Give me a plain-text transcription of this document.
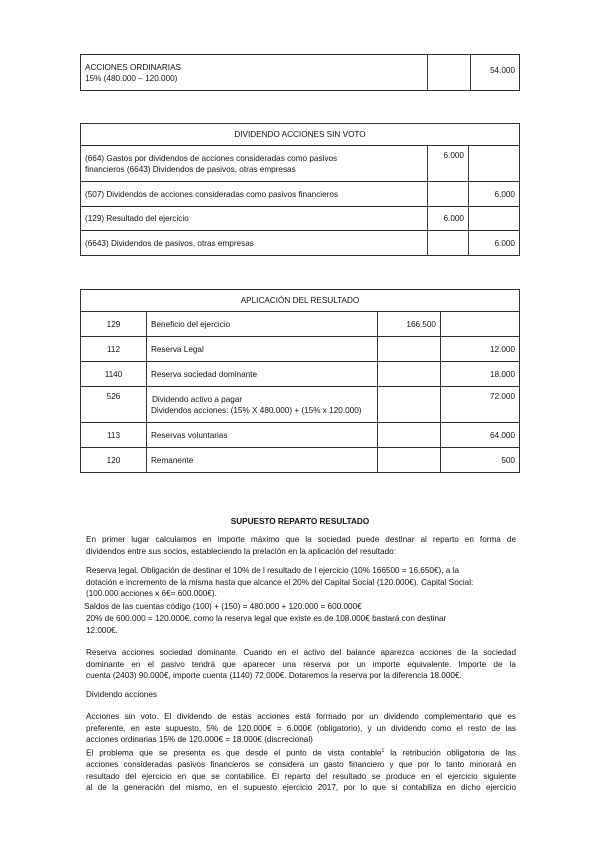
ACCIONES ORDINARIAS
15% (480.000 – 120.000)
		54.000
DIVIDENDO ACCIONES SIN VOTO		

(664) Gastos por dividendos de acciones consideradas como pasivos
financieros (6643) Dividendos de pasivos, otras empresas	6.000	
(507) Dividendos de acciones consideradas como pasivos financieros		6.000
(129) Resultado del ejercicio	6.000	
(6643) Dividendos de pasivos, otras empresas		6.000
APLICACIÓN DEL RESULTADO			
129	Beneficio del ejercicio	166.500	
112	Reserva Legal		12.000
1140	Reserva sociedad dominante		18.000
526	Dividendo activo a pagar
Dividendos acciones: (15% X 480.000) + (15% x 120.000)		72.000
113	Reservas voluntarias		64.000
120	Remanente		500
SUPUESTO REPARTO RESULTADO
En primer lugar calculamos en importe máximo que la sociedad puede destinar al reparto en forma de
dividendos entre sus socios, estableciendo la prelación en la aplicación del resultado:
Reserva legal. Obligación de destinar el 10% de l resultado de l ejercicio (10% 166500 = 16.650€), a la
dotación e incremento de la misma hasta que alcance el 20% del Capital Social (120.000€). Capital Social:
(100.000 acciones x 6€= 600.000€).
Saldos de las cuentas código (100) + (150) = 480.000 + 120.000 = 600.000€
20% de 600.000 = 120.000€, como la reserva legal que existe es de 108.000€ bastará con destinar
12.000€.
Reserva acciones sociedad dominante. Cuando en el activo del balance aparezca acciones de la sociedad
dominante en el pasivo tendrá que aparecer una reserva por un importe equivalente. Importe de la
cuenta (2403) 90.000€, importe cuenta (1140) 72.000€. Dotaremos la reserva por la diferencia 18.000€.
Dividendo acciones
Acciones sin voto. El dividendo de estas acciones está formado por un dividendo complementario que es
preferente, en este supuesto, 5% de 120.000€ = 6.000€ (obligatorio), y un dividendo como el resto de las
acciones ordinarias 15% de 120.000€ = 18.000€ (discrecional)
El problema que se presenta es que desde el punto de vista contable$^1$ la retribución obligatoria de las
acciones consideradas pasivos financieros se considera un gasto financiero y que por lo tanto minorará en
resultado del ejercicio en que se contabilice. El reparto del resultado se produce en el ejercicio siguiente
al de la generación del mismo, en el supuesto ejercicio 2017, por lo que si contabiliza en dicho ejercicio
